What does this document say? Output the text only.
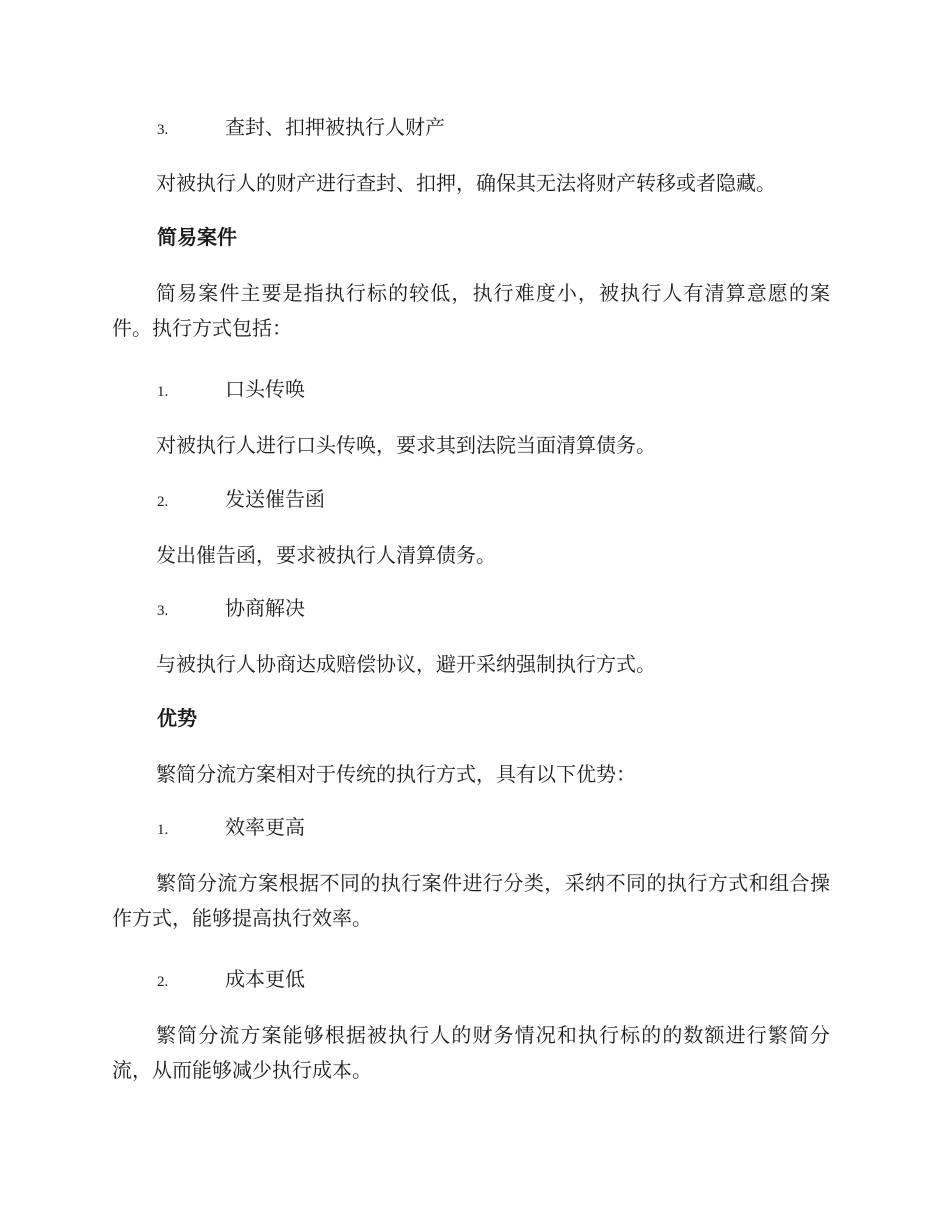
3.	查封、扣押被执行人财产
对被执行人的财产进行查封、扣押，确保其无法将财产转移或者隐藏。
简易案件
简易案件主要是指执行标的较低，执行难度小，被执行人有清算意愿的案件。执行方式包括：
1.	口头传唤
对被执行人进行口头传唤，要求其到法院当面清算债务。
2.	发送催告函
发出催告函，要求被执行人清算债务。
3.	协商解决
与被执行人协商达成赔偿协议，避开采纳强制执行方式。
优势
繁简分流方案相对于传统的执行方式，具有以下优势：
1.	效率更高
繁简分流方案根据不同的执行案件进行分类，采纳不同的执行方式和组合操作方式，能够提高执行效率。
2.	成本更低
繁简分流方案能够根据被执行人的财务情况和执行标的的数额进行繁简分流，从而能够减少执行成本。
